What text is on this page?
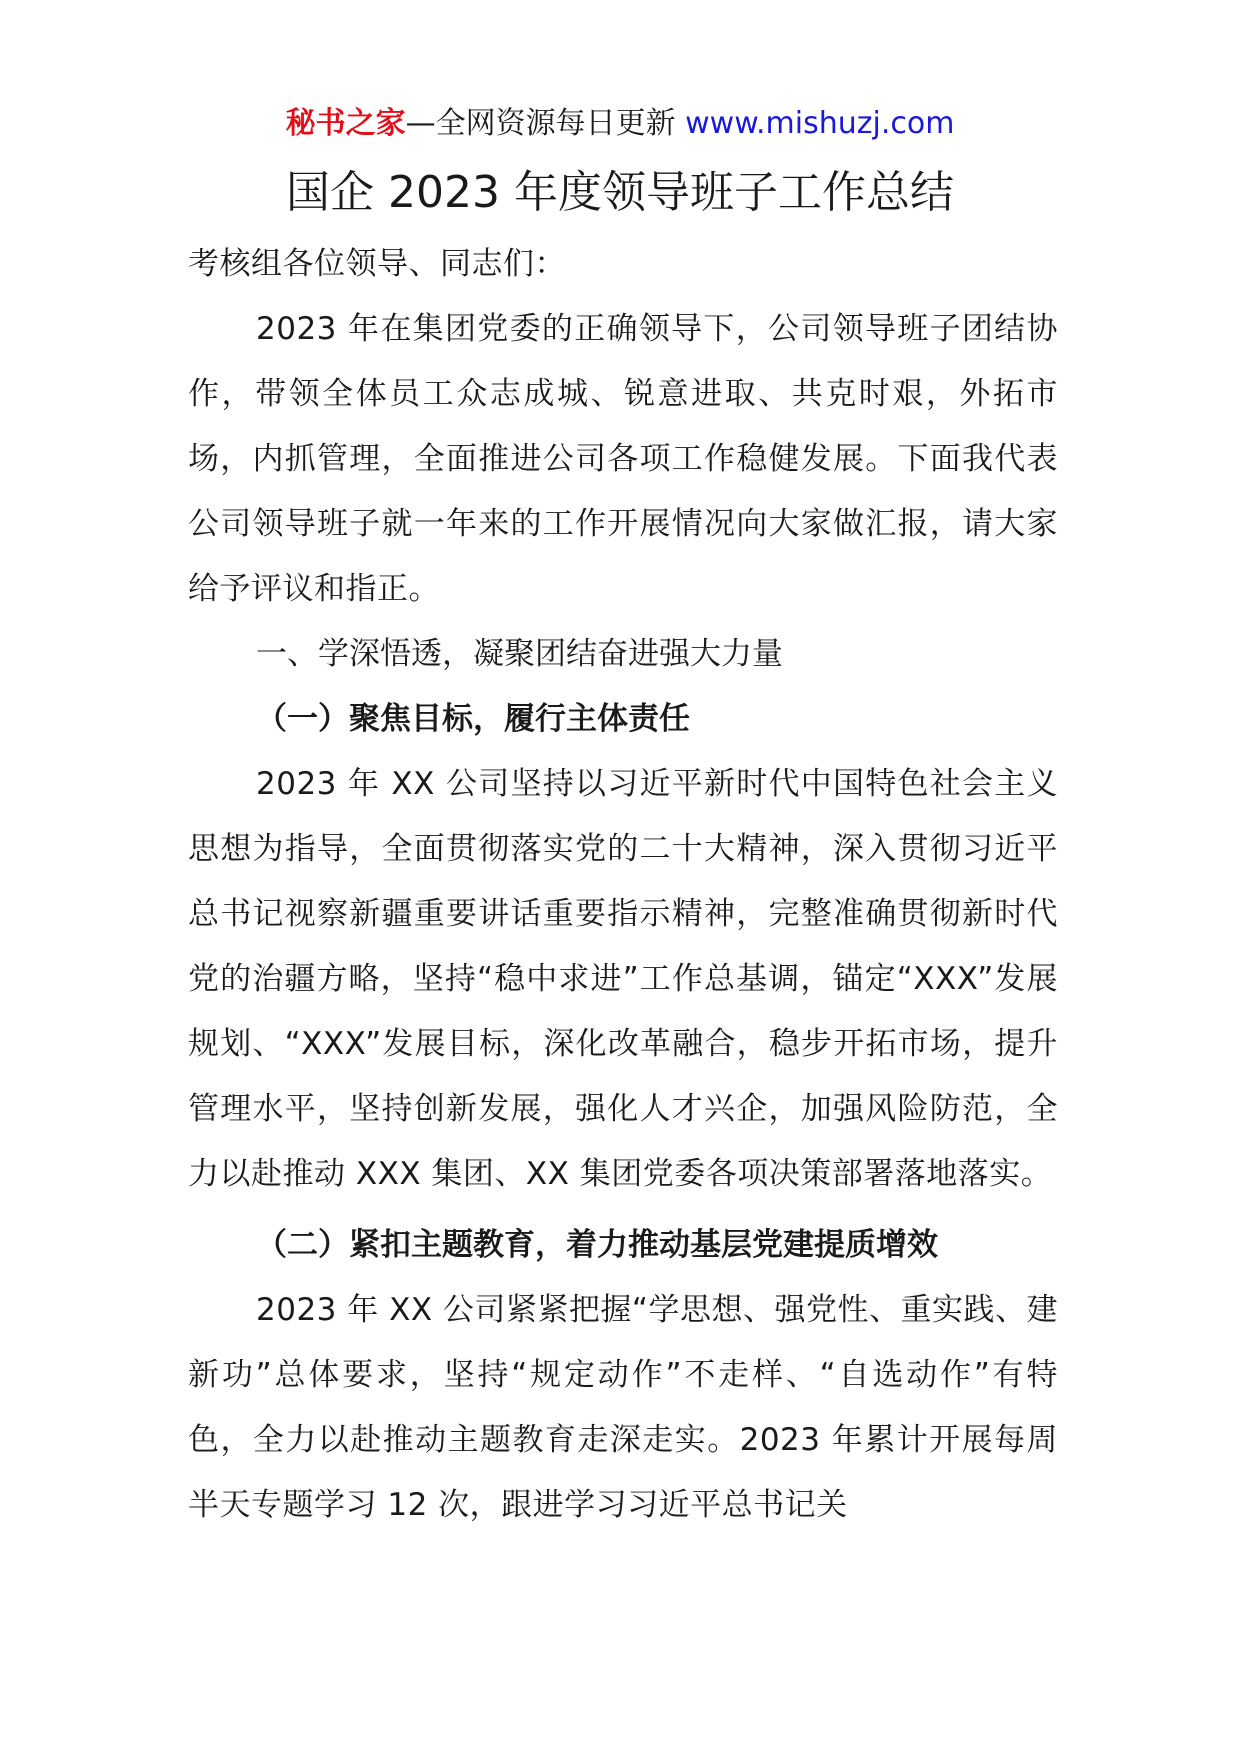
秘书之家—全网资源每日更新 www.mishuzj.com
国企 2023 年度领导班子工作总结

考核组各位领导、同志们：

2023 年在集团党委的正确领导下，公司领导班子团结协作，带领全体员工众志成城、锐意进取、共克时艰，外拓市场，内抓管理，全面推进公司各项工作稳健发展。下面我代表公司领导班子就一年来的工作开展情况向大家做汇报，请大家给予评议和指正。

一、学深悟透，凝聚团结奋进强大力量

（一）聚焦目标，履行主体责任

2023 年 XX 公司坚持以习近平新时代中国特色社会主义思想为指导，全面贯彻落实党的二十大精神，深入贯彻习近平总书记视察新疆重要讲话重要指示精神，完整准确贯彻新时代党的治疆方略，坚持“稳中求进”工作总基调，锚定“XXX”发展规划、“XXX”发展目标，深化改革融合，稳步开拓市场，提升管理水平，坚持创新发展，强化人才兴企，加强风险防范，全力以赴推动 XXX 集团、XX 集团党委各项决策部署落地落实。

（二）紧扣主题教育，着力推动基层党建提质增效

2023 年 XX 公司紧紧把握“学思想、强党性、重实践、建新功”总体要求，坚持“规定动作”不走样、“自选动作”有特色，全力以赴推动主题教育走深走实。2023 年累计开展每周半天专题学习 12 次，跟进学习习近平总书记关
